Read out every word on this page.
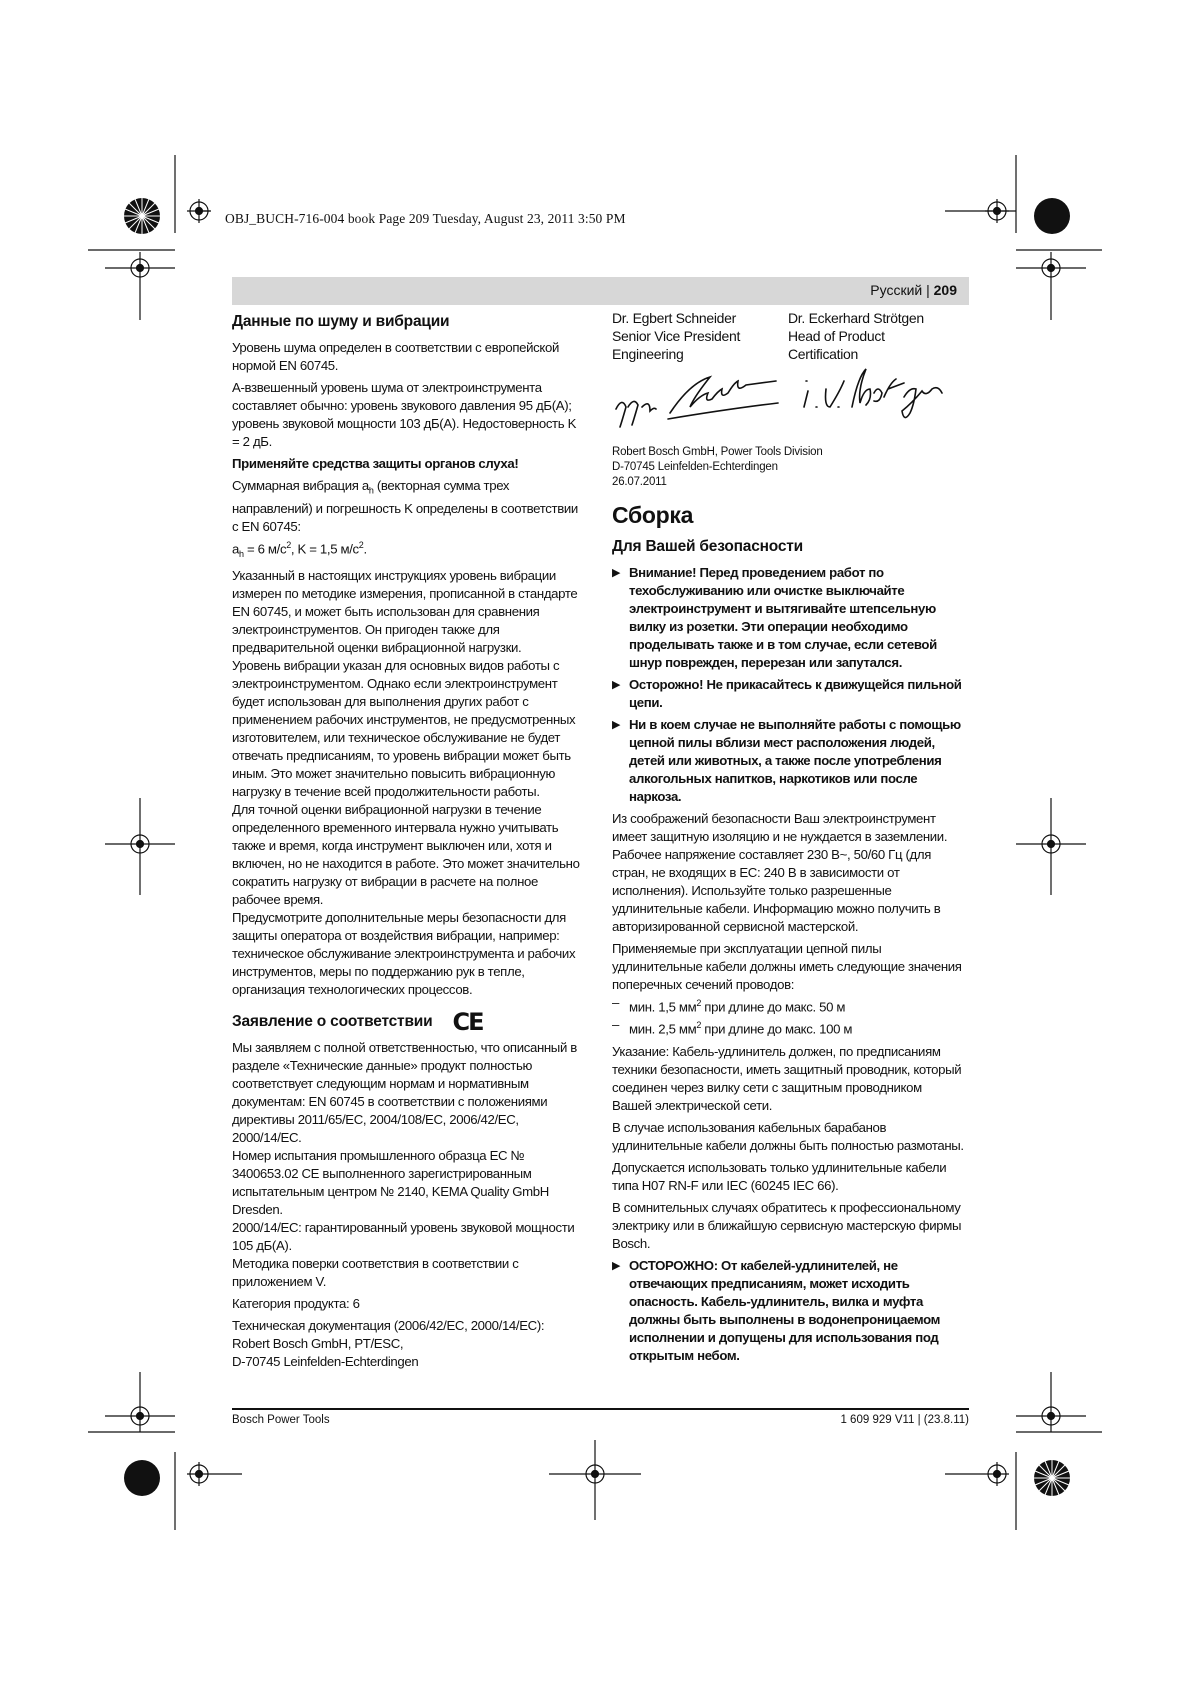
OBJ_BUCH-716-004 book Page 209 Tuesday, August 23, 2011 3:50 PM
Русский | 209
Данные по шуму и вибрации

Уровень шума определен в соответствии с европейской нормой EN 60745.

A-взвешенный уровень шума от электроинструмента составляет обычно: уровень звукового давления 95 дБ(A); уровень звуковой мощности 103 дБ(A). Недостоверность K = 2 дБ.

Применяйте средства защиты органов слуха!

Суммарная вибрация $a_h$ (векторная сумма трех направлений) и погрешность K определены в соответствии с EN 60745:

$a_h = 6$ $м/с^2$, K = 1,5 $м/с^2$.

Указанный в настоящих инструкциях уровень вибрации измерен по методике измерения, прописанной в стандарте EN 60745, и может быть использован для сравнения электроинструментов. Он пригоден также для предварительной оценки вибрационной нагрузки.

Уровень вибрации указан для основных видов работы с электроинструментом. Однако если электроинструмент будет использован для выполнения других работ с применением рабочих инструментов, не предусмотренных изготовителем, или техническое обслуживание не будет отвечать предписаниям, то уровень вибрации может быть иным. Это может значительно повысить вибрационную нагрузку в течение всей продолжительности работы.

Для точной оценки вибрационной нагрузки в течение определенного временного интервала нужно учитывать также и время, когда инструмент выключен или, хотя и включен, но не находится в работе. Это может значительно сократить нагрузку от вибрации в расчете на полное рабочее время.

Предусмотрите дополнительные меры безопасности для защиты оператора от воздействия вибрации, например: техническое обслуживание электроинструмента и рабочих инструментов, меры по поддержанию рук в тепле, организация технологических процессов.

Заявление о соответствии CE

Мы заявляем с полной ответственностью, что описанный в разделе «Технические данные» продукт полностью соответствует следующим нормам и нормативным документам: EN 60745 в соответствии с положениями директивы 2011/65/EC, 2004/108/EC, 2006/42/EC, 2000/14/EC.

Номер испытания промышленного образца EC № 3400653.02 CE выполненного зарегистрированным испытательным центром № 2140, KEMA Quality GmbH Dresden.

2000/14/EC: гарантированный уровень звуковой мощности 105 дБ(A).

Методика поверки соответствия в соответствии с приложением V.

Категория продукта: 6

Техническая документация (2006/42/EC, 2000/14/EC):

Robert Bosch GmbH, PT/ESC,

D-70745 Leinfelden-Echterdingen

Dr. Egbert Schneider
Senior Vice President
Engineering
Dr. Eckerhard Strötgen
Head of Product
Certification
Robert Bosch GmbH, Power Tools Division
D-70745 Leinfelden-Echterdingen
26.07.2011
Сборка
Для Вашей безопасности
▶ Внимание! Перед проведением работ по техобслуживанию или очистке выключайте электроинструмент и вытягивайте штепсельную вилку из розетки. Эти операции необходимо проделывать также и в том случае, если сетевой шнур поврежден, перерезан или запутался.
▶ Осторожно! Не прикасайтесь к движущейся пильной цепи.
▶ Ни в коем случае не выполняйте работы с помощью цепной пилы вблизи мест расположения людей, детей или животных, а также после употребления алкогольных напитков, наркотиков или после наркоза.

Из соображений безопасности Ваш электроинструмент имеет защитную изоляцию и не нуждается в заземлении. Рабочее напряжение составляет 230 В~, 50/60 Гц (для стран, не входящих в ЕС: 240 В в зависимости от исполнения). Используйте только разрешенные удлинительные кабели. Информацию можно получить в авторизированной сервисной мастерской.

Применяемые при эксплуатации цепной пилы удлинительные кабели должны иметь следующие значения поперечных сечений проводов:

– мин. 1,5 $мм^2$ при длине до макс. 50 м
– мин. 2,5 $мм^2$ при длине до макс. 100 м

Указание: Кабель-удлинитель должен, по предписаниям техники безопасности, иметь защитный проводник, который соединен через вилку сети с защитным проводником Вашей электрической сети.

В случае использования кабельных барабанов удлинительные кабели должны быть полностью размотаны.

Допускается использовать только удлинительные кабели типа H07 RN-F или IEC (60245 IEC 66).

В сомнительных случаях обратитесь к профессиональному электрику или в ближайшую сервисную мастерскую фирмы Bosch.

▶ ОСТОРОЖНО: От кабелей-удлинителей, не отвечающих предписаниям, может исходить опасность. Кабель-удлинитель, вилка и муфта должны быть выполнены в водонепроницаемом исполнении и допущены для использования под открытым небом.
Bosch Power Tools	1 609 929 V11 | (23.8.11)
